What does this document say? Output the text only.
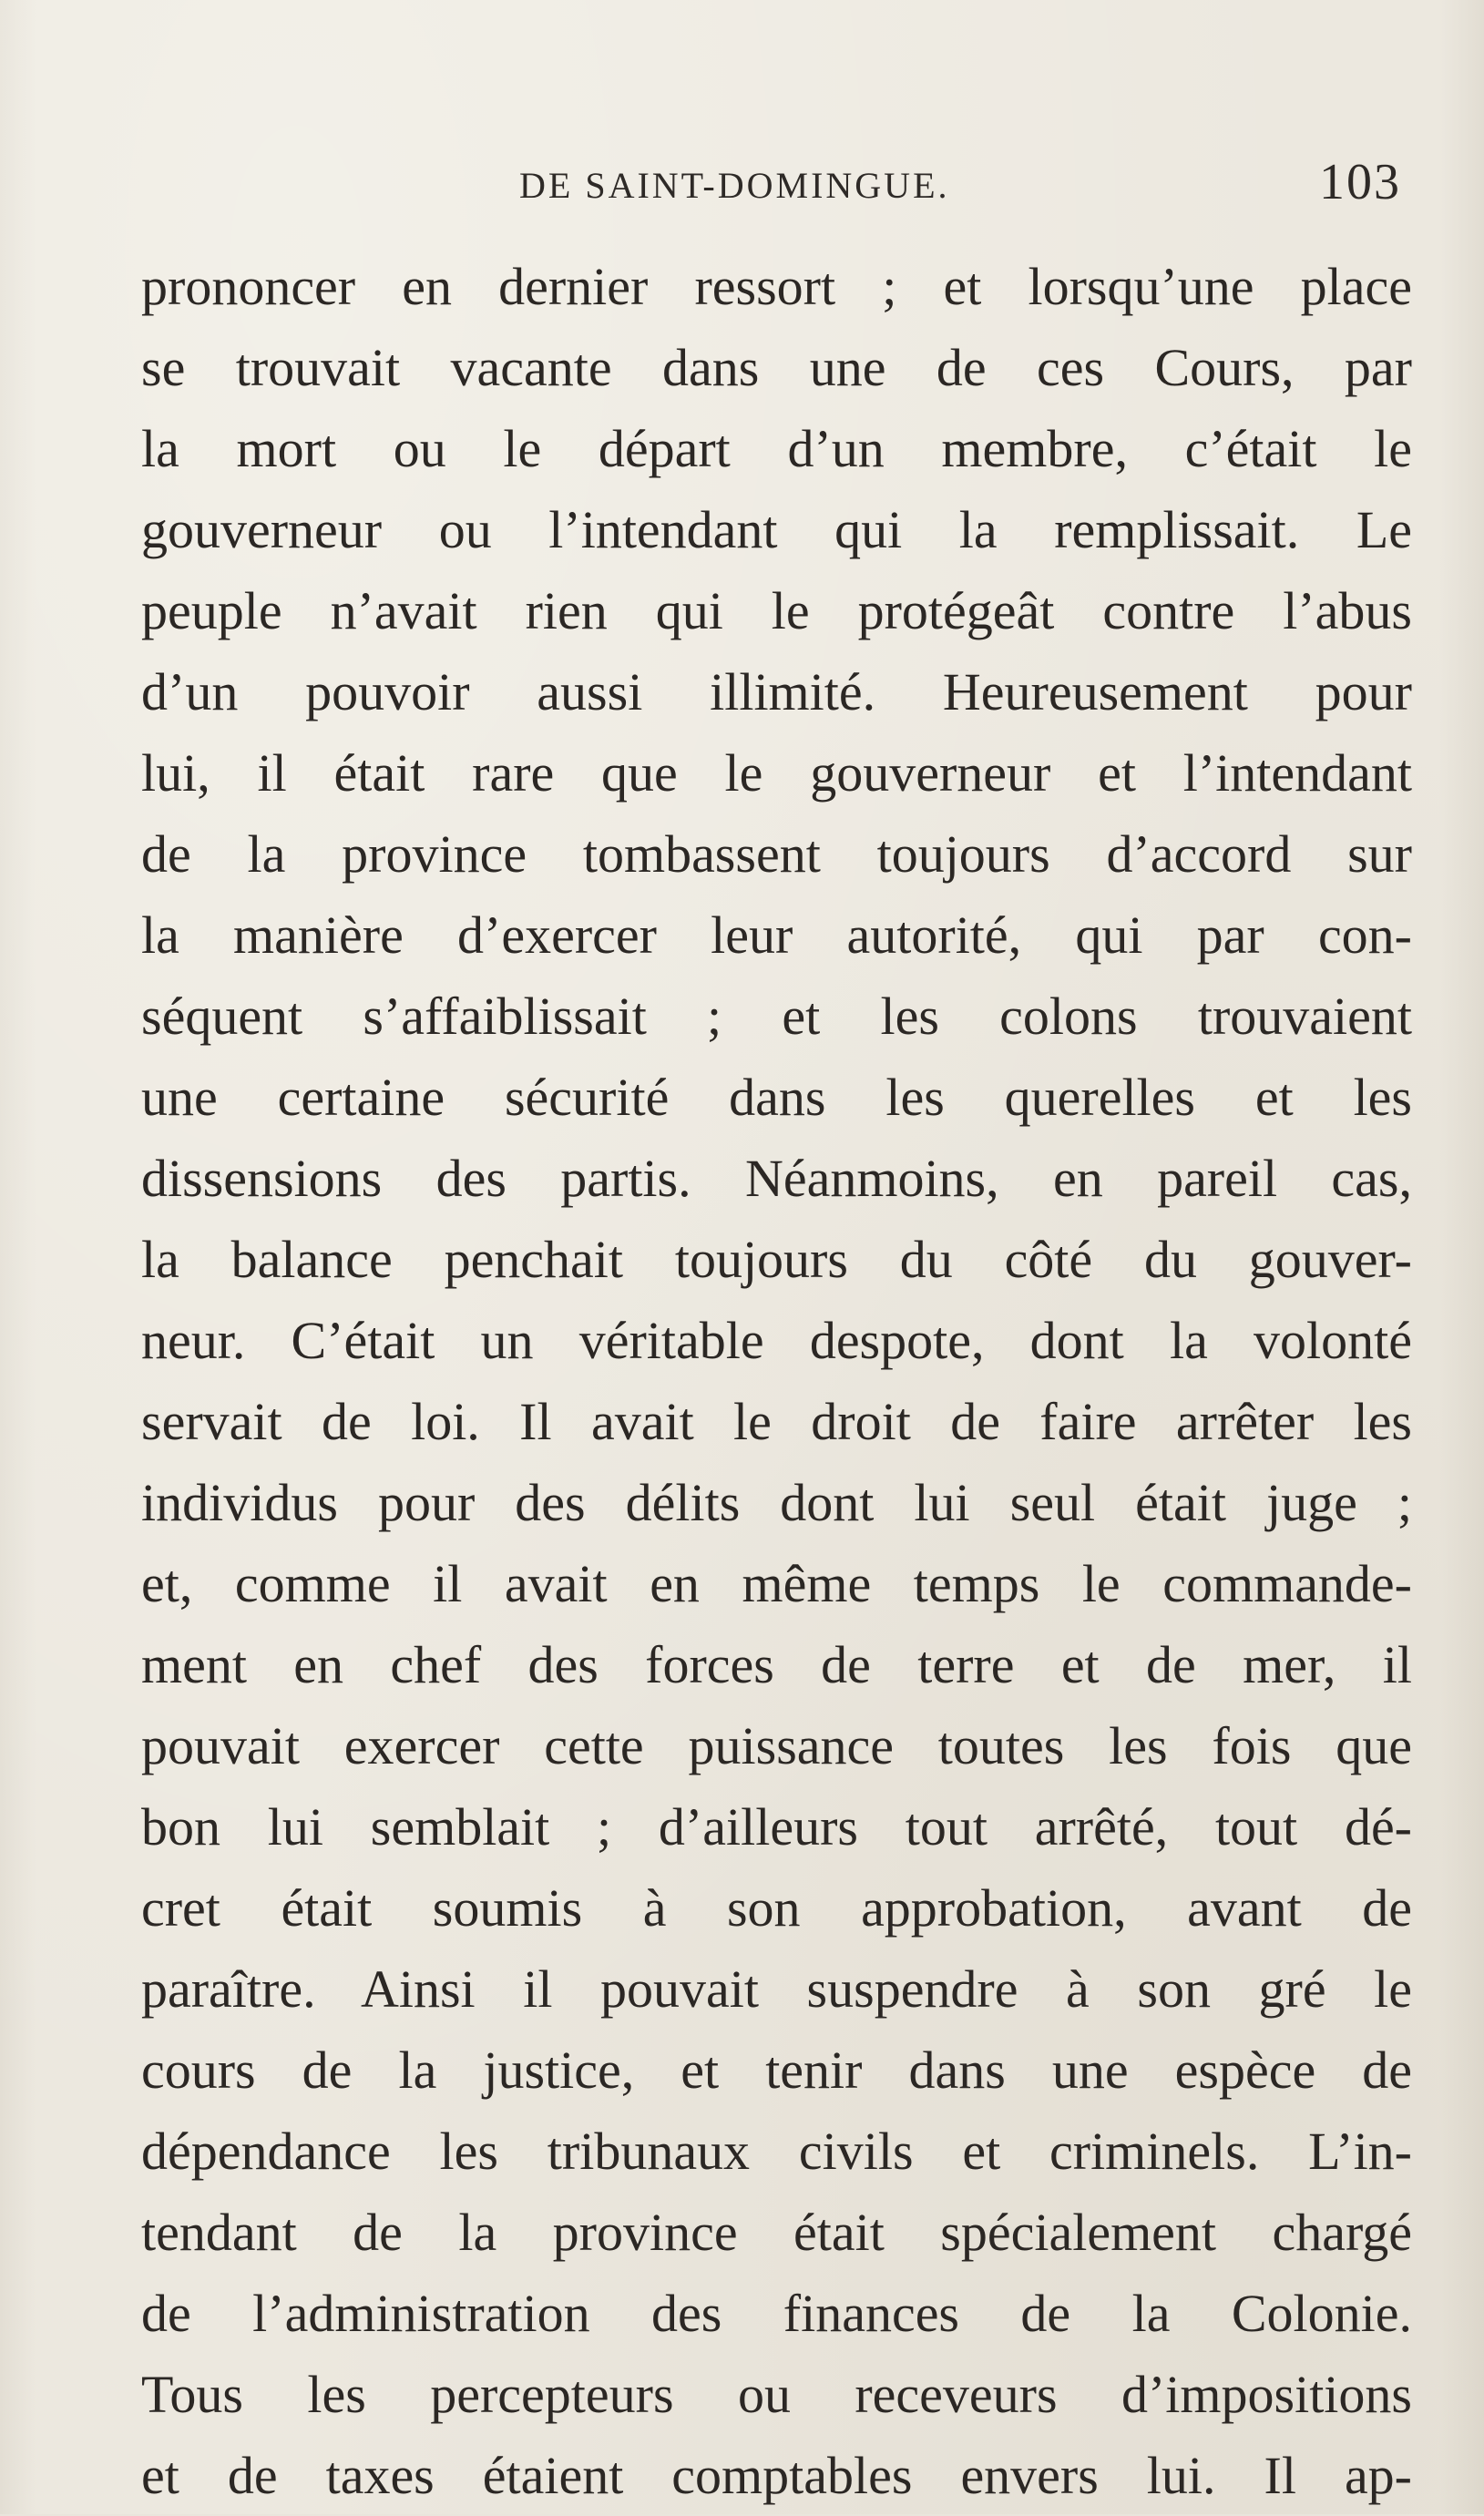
DE SAINT-DOMINGUE.	103
prononcer en dernier ressort ; et lorsqu’une place
se trouvait vacante dans une de ces Cours, par
la mort ou le départ d’un membre, c’était le
gouverneur ou l’intendant qui la remplissait. Le
peuple n’avait rien qui le protégeât contre l’abus
d’un pouvoir aussi illimité. Heureusement pour
lui, il était rare que le gouverneur et l’intendant
de la province tombassent toujours d’accord sur
la manière d’exercer leur autorité, qui par con-
séquent s’affaiblissait ; et les colons trouvaient
une certaine sécurité dans les querelles et les
dissensions des partis. Néanmoins, en pareil cas,
la balance penchait toujours du côté du gouver-
neur. C’était un véritable despote, dont la volonté
servait de loi. Il avait le droit de faire arrêter les
individus pour des délits dont lui seul était juge ;
et, comme il avait en même temps le commande-
ment en chef des forces de terre et de mer, il
pouvait exercer cette puissance toutes les fois que
bon lui semblait ; d’ailleurs tout arrêté, tout dé-
cret était soumis à son approbation, avant de
paraître. Ainsi il pouvait suspendre à son gré le
cours de la justice, et tenir dans une espèce de
dépendance les tribunaux civils et criminels. L’in-
tendant de la province était spécialement chargé
de l’administration des finances de la Colonie.
Tous les percepteurs ou receveurs d’impositions
et de taxes étaient comptables envers lui. Il ap-
